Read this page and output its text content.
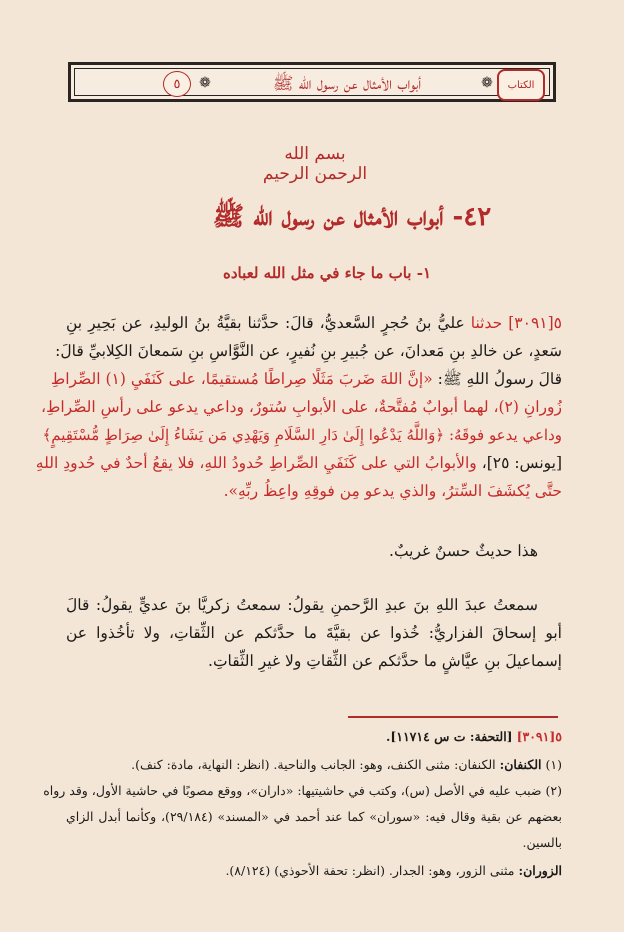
الكتاب
❁
أبواب الأمثال عن رسول الله ﷺ
❁
٥
بسم الله الرحمن الرحيم
٤٢- أبواب الأمثال عن رسول الله ﷺ
١- باب ما جاء في مثل الله لعباده
٥[٣٠٩١] حدثنا عليُّ بنُ حُجرٍ السَّعديُّ، قالَ: حدَّثنا بقيَّةُ بنُ الوليدِ، عن بَحِيرِ بنِ
سَعدٍ، عن خالدِ بنِ مَعدانَ، عن جُبيرِ بنِ نُفيرٍ، عن النَّوَّاسِ بنِ سَمعانَ الكِلابيِّ قالَ:
قالَ رسولُ اللهِ ﷺ: «إنَّ اللهَ ضَربَ مَثَلًا صِراطًا مُستقيمًا، على كَنَفَيِ (١) الصِّراطِ
زُورانِ (٢)، لهما أبوابٌ مُفتَّحةٌ، على الأبوابِ سُتورٌ، وداعي يدعو على رأسِ الصِّراطِ،
وداعي يدعو فوقَهُ: ﴿وَاللَّهُ يَدْعُوا إِلَىٰ دَارِ السَّلَامِ وَيَهْدِي مَن يَشَاءُ إِلَىٰ صِرَاطٍ مُّسْتَقِيمٍ﴾
[يونس: ٢٥]، والأبوابُ التي على كَنَفَيِ الصِّراطِ حُدودُ اللهِ، فلا يقعُ أحدٌ في حُدودِ اللهِ
حتَّى يُكشَفَ السِّترُ، والذي يدعو مِن فوقِهِ واعِظُ ربِّهِ».
هذا حديثٌ حسنٌ غريبٌ.
سمعتُ عبدَ اللهِ بنَ عبدِ الرَّحمنِ يقولُ: سمعتُ زكريَّا بنَ عديٍّ يقولُ: قالَ
أبو إسحاقَ الفزاريُّ: خُذوا عن بقيَّةَ ما حدَّثكم عن الثِّقاتِ، ولا تأخُذوا عن
إسماعيلَ بنِ عيَّاشٍ ما حدَّثكم عن الثِّقاتِ ولا غيرِ الثِّقاتِ.
٥[٣٠٩١] [التحفة: ت س ١١٧١٤].
(١) الكنفان: الكنفان: مثنى الكنف، وهو: الجانب والناحية. (انظر: النهاية، مادة: كنف).
(٢) ضبب عليه في الأصل (س)، وكتب في حاشيتيها: «داران»، ووقع مصوبًا في حاشية الأول، وقد رواه
بعضهم عن بقية وقال فيه: «سوران» كما عند أحمد في «المسند» (٢٩/١٨٤)، وكأنما أبدل الزاي
بالسين.
الزوران: مثنى الزور، وهو: الجدار. (انظر: تحفة الأحوذي) (٨/١٢٤).
